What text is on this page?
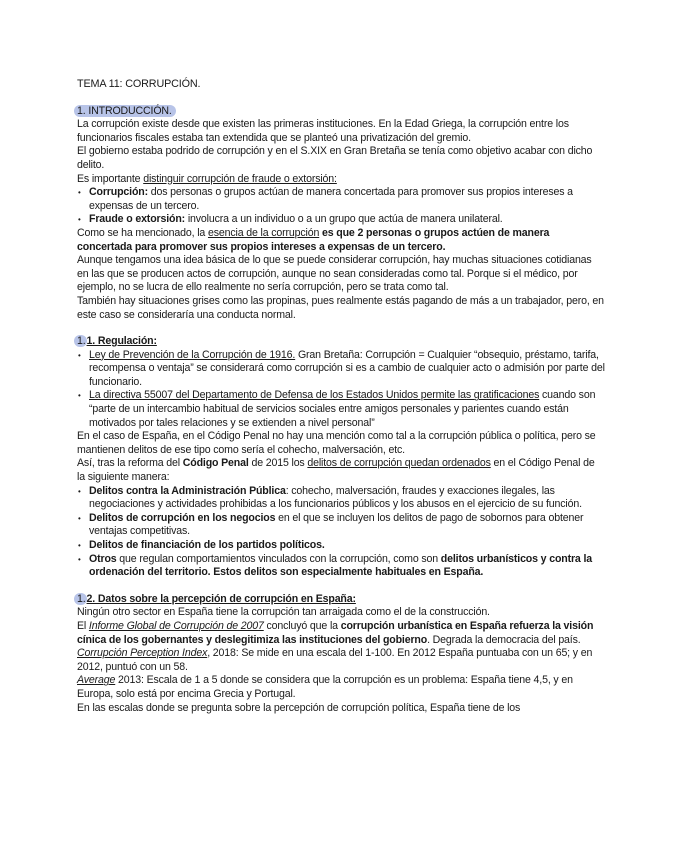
TEMA 11: CORRUPCIÓN.

1. INTRODUCCIÓN.

La corrupción existe desde que existen las primeras instituciones. En la Edad Griega, la corrupción entre los funcionarios fiscales estaba tan extendida que se planteó una privatización del gremio.

El gobierno estaba podrido de corrupción y en el S.XIX en Gran Bretaña se tenía como objetivo acabar con dicho delito.

Es importante distinguir corrupción de fraude o extorsión:

• Corrupción: dos personas o grupos actúan de manera concertada para promover sus propios intereses a expensas de un tercero.
• Fraude o extorsión: involucra a un individuo o a un grupo que actúa de manera unilateral.

Como se ha mencionado, la esencia de la corrupción es que 2 personas o grupos actúen de manera concertada para promover sus propios intereses a expensas de un tercero.

Aunque tengamos una idea básica de lo que se puede considerar corrupción, hay muchas situaciones cotidianas en las que se producen actos de corrupción, aunque no sean consideradas como tal. Porque si el médico, por ejemplo, no se lucra de ello realmente no sería corrupción, pero se trata como tal.

También hay situaciones grises como las propinas, pues realmente estás pagando de más a un trabajador, pero, en este caso se consideraría una conducta normal.

1.1. Regulación:

• Ley de Prevención de la Corrupción de 1916. Gran Bretaña: Corrupción = Cualquier “obsequio, préstamo, tarifa, recompensa o ventaja” se considerará como corrupción si es a cambio de cualquier acto o admisión por parte del funcionario.
• La directiva 55007 del Departamento de Defensa de los Estados Unidos permite las gratificaciones cuando son “parte de un intercambio habitual de servicios sociales entre amigos personales y parientes cuando están motivados por tales relaciones y se extienden a nivel personal”

En el caso de España, en el Código Penal no hay una mención como tal a la corrupción pública o política, pero se mantienen delitos de ese tipo como sería el cohecho, malversación, etc.

Así, tras la reforma del Código Penal de 2015 los delitos de corrupción quedan ordenados en el Código Penal de la siguiente manera:

• Delitos contra la Administración Pública: cohecho, malversación, fraudes y exacciones ilegales, las negociaciones y actividades prohibidas a los funcionarios públicos y los abusos en el ejercicio de su función.
• Delitos de corrupción en los negocios en el que se incluyen los delitos de pago de sobornos para obtener ventajas competitivas.
• Delitos de financiación de los partidos políticos.
• Otros que regulan comportamientos vinculados con la corrupción, como son delitos urbanísticos y contra la ordenación del territorio. Estos delitos son especialmente habituales en España.

1.2. Datos sobre la percepción de corrupción en España:

Ningún otro sector en España tiene la corrupción tan arraigada como el de la construcción.

El Informe Global de Corrupción de 2007 concluyó que la corrupción urbanística en España refuerza la visión cínica de los gobernantes y deslegitimiza las instituciones del gobierno. Degrada la democracia del país.

Corrupción Perception Index, 2018: Se mide en una escala del 1-100. En 2012 España puntuaba con un 65; y en 2012, puntuó con un 58.

Average 2013: Escala de 1 a 5 donde se considera que la corrupción es un problema: España tiene 4,5, y en Europa, solo está por encima Grecia y Portugal.

En las escalas donde se pregunta sobre la percepción de corrupción política, España tiene de los
